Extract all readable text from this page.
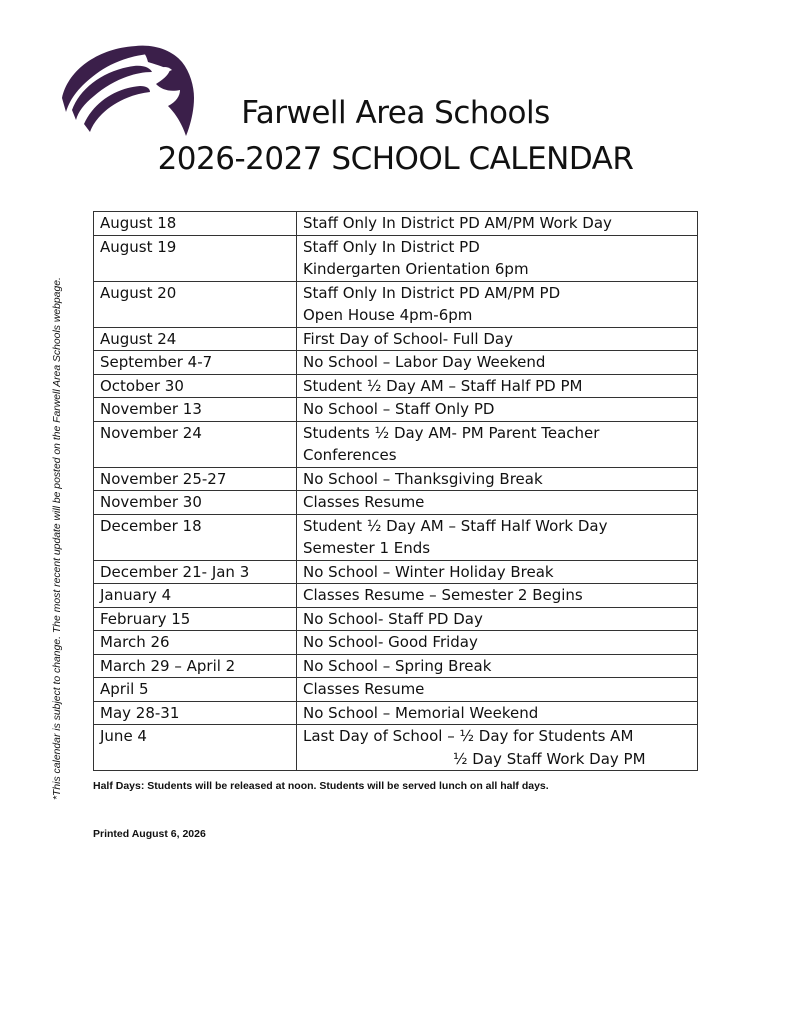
Farwell Area Schools
2026-2027 SCHOOL CALENDAR
*This calendar is subject to change. The most recent update will be posted on the Farwell Area Schools webpage.
August 18	Staff Only In District PD AM/PM Work Day

August 19	Staff Only In District PD
Kindergarten Orientation 6pm

August 20	Staff Only In District PD AM/PM PD
Open House 4pm-6pm

August 24	First Day of School- Full Day

September 4-7	No School – Labor Day Weekend

October 30	Student ½ Day AM – Staff Half PD PM

November 13	No School – Staff Only PD

November 24	Students ½ Day AM- PM Parent Teacher
Conferences

November 25-27	No School – Thanksgiving Break

November 30	Classes Resume

December 18	Student ½ Day AM – Staff Half Work Day
Semester 1 Ends

December 21- Jan 3	No School – Winter Holiday Break

January 4	Classes Resume – Semester 2 Begins

February 15	No School- Staff PD Day

March 26	No School- Good Friday

March 29 – April 2	No School – Spring Break

April 5	Classes Resume

May 28-31	No School – Memorial Weekend

June 4	Last Day of School – ½ Day for Students AM
½ Day Staff Work Day PM
Half Days: Students will be released at noon. Students will be served lunch on all half days.
Printed August 6, 2026
